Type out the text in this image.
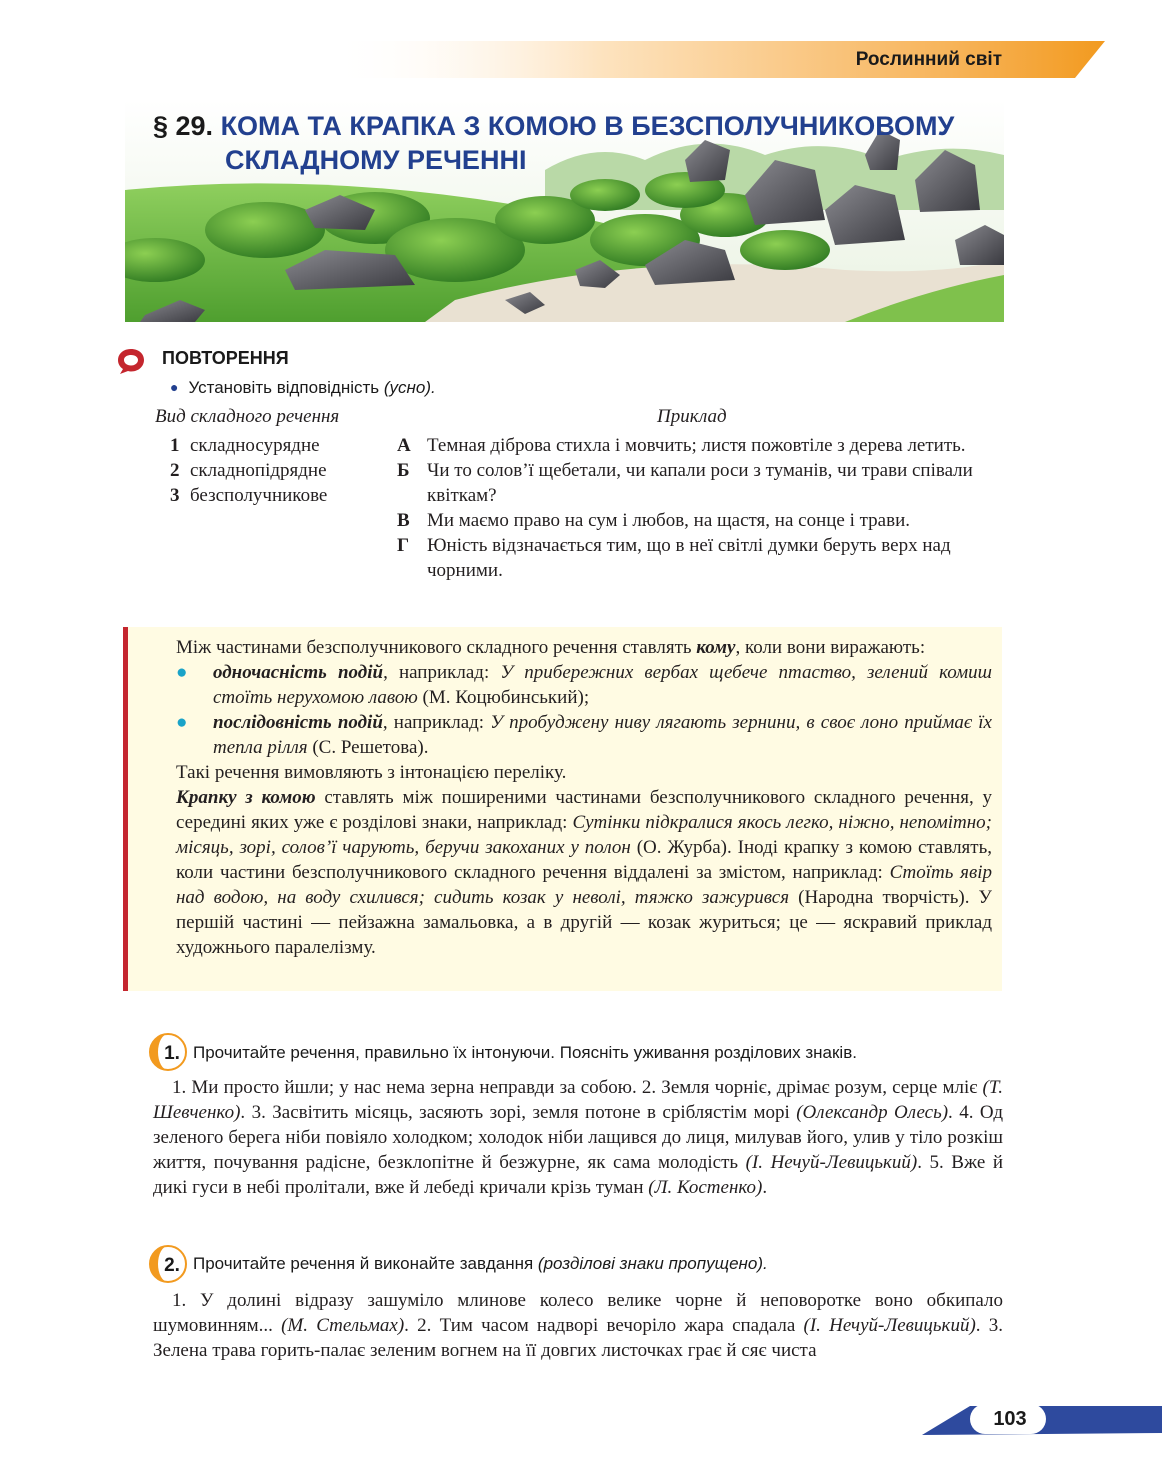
Рослинний світ
§ 29. КОМА ТА КРАПКА З КОМОЮ В БЕЗСПОЛУЧНИКОВОМУ
СКЛАДНОМУ РЕЧЕННІ
ПОВТОРЕННЯ
● Установіть відповідність (усно).
Вид складного речення	Приклад
1 складносурядне
2 складнопідрядне
3 безсполучникове
А Темная діброва стихла і мовчить; листя пожовтіле з дерева летить.
Б Чи то солов’ї щебетали, чи капали роси з туманів, чи трави співали квіткам?
В Ми маємо право на сум і любов, на щастя, на сонце і трави.
Г Юність відзначається тим, що в неї світлі думки беруть верх над чорними.

Між частинами безсполучникового складного речення ставлять кому, коли вони виражають:

●	одночасність подій, наприклад: У прибережних вербах щебече птаство, зелений комиш стоїть нерухомою лавою (М. Коцюбинський);
●	послідовність подій, наприклад: У пробуджену ниву лягають зернини, в своє лоно приймає їх тепла рілля (С. Решетова).

Такі речення вимовляють з інтонацією переліку.

Крапку з комою ставлять між поширеними частинами безсполучникового складного речення, у середині яких уже є розділові знаки, наприклад: Сутінки підкралися якось легко, ніжно, непомітно; місяць, зорі, солов’ї чарують, беручи закоханих у полон (О. Журба). Іноді крапку з комою ставлять, коли частини безсполучникового складного речення віддалені за змістом, наприклад: Стоїть явір над водою, на воду схилився; сидить козак у неволі, тяжко зажурився (Народна творчість). У першій частині — пейзажна замальовка, а в другій — козак журиться; це — яскравий приклад художнього паралелізму.

1. Прочитайте речення, правильно їх інтонуючи. Поясніть уживання розділових знаків.

 1. Ми просто йшли; у нас нема зерна неправди за собою. 2. Земля чорніє, дрімає розум, серце мліє (Т. Шевченко). 3. Засвітить місяць, засяють зорі, земля потоне в сріблястім морі (Олександр Олесь). 4. Од зеленого берега ніби повіяло холодком; холодок ніби лащився до лиця, милував його, улив у тіло розкіш життя, почування радісне, безклопітне й безжурне, як сама молодість (І. Нечуй-Левицький). 5. Вже й дикі гуси в небі пролітали, вже й лебеді кричали крізь туман (Л. Костенко).

2. Прочитайте речення й виконайте завдання (розділові знаки пропущено).

 1. У долині відразу зашуміло млинове колесо велике чорне й неповоротке воно обкипало шумовинням... (М. Стельмах). 2. Тим часом надворі вечоріло жара спадала (І. Нечуй-Левицький). 3. Зелена трава горить-палає зеленим вогнем на її довгих листочках грає й сяє чиста

103
